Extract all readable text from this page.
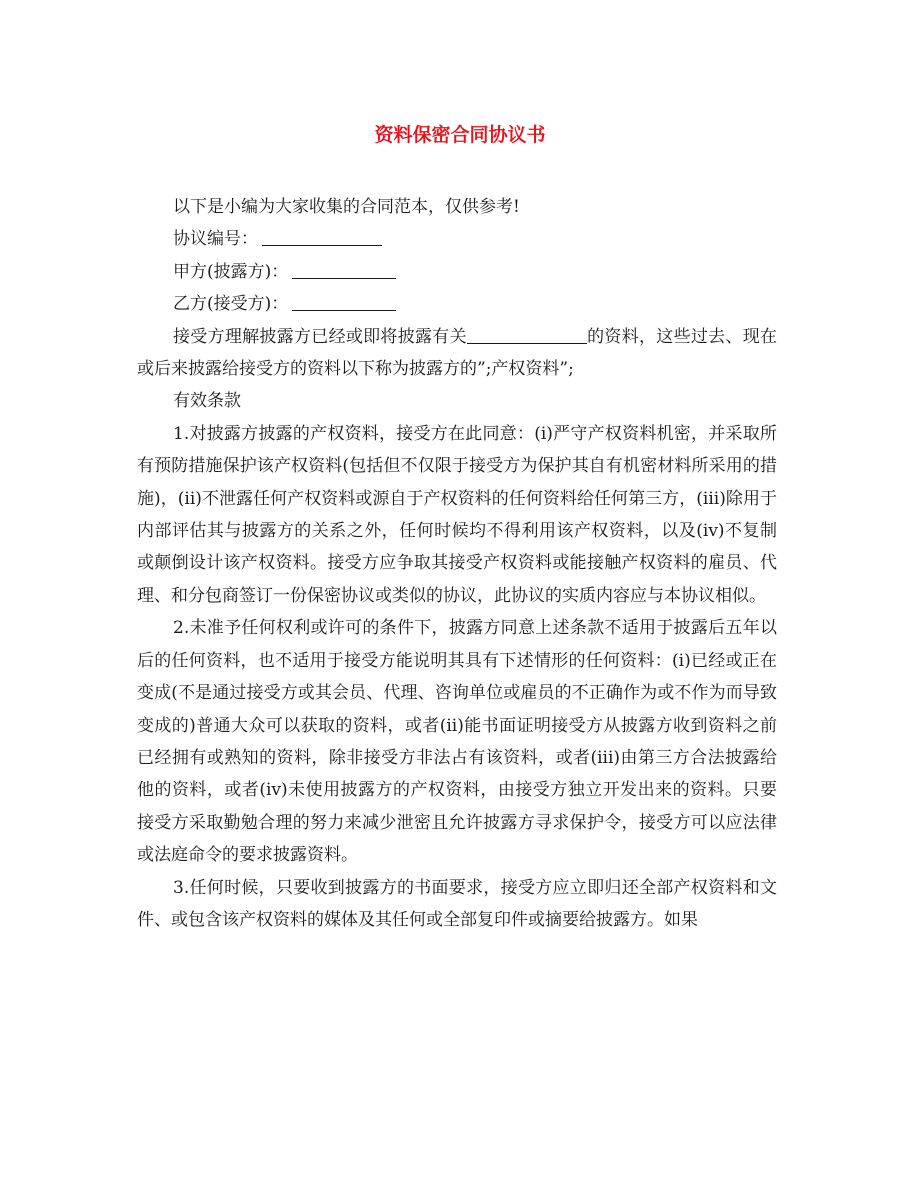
资料保密合同协议书

以下是小编为大家收集的合同范本，仅供参考!

协议编号：

甲方(披露方)：

乙方(接受方)：

接受方理解披露方已经或即将披露有关	的资料，这些过去、现在或后来披露给接受方的资料以下称为披露方的”;产权资料”;

有效条款

1.对披露方披露的产权资料，接受方在此同意：(i)严守产权资料机密，并采取所有预防措施保护该产权资料(包括但不仅限于接受方为保护其自有机密材料所采用的措施)，(ii)不泄露任何产权资料或源自于产权资料的任何资料给任何第三方，(iii)除用于内部评估其与披露方的关系之外，任何时候均不得利用该产权资料，以及(iv)不复制或颠倒设计该产权资料。接受方应争取其接受产权资料或能接触产权资料的雇员、代理、和分包商签订一份保密协议或类似的协议，此协议的实质内容应与本协议相似。

2.未准予任何权利或许可的条件下，披露方同意上述条款不适用于披露后五年以后的任何资料，也不适用于接受方能说明其具有下述情形的任何资料：(i)已经或正在变成(不是通过接受方或其会员、代理、咨询单位或雇员的不正确作为或不作为而导致变成的)普通大众可以获取的资料，或者(ii)能书面证明接受方从披露方收到资料之前已经拥有或熟知的资料，除非接受方非法占有该资料，或者(iii)由第三方合法披露给他的资料，或者(iv)未使用披露方的产权资料，由接受方独立开发出来的资料。只要接受方采取勤勉合理的努力来减少泄密且允许披露方寻求保护令，接受方可以应法律或法庭命令的要求披露资料。

3.任何时候，只要收到披露方的书面要求，接受方应立即归还全部产权资料和文件、或包含该产权资料的媒体及其任何或全部复印件或摘要给披露方。如果
